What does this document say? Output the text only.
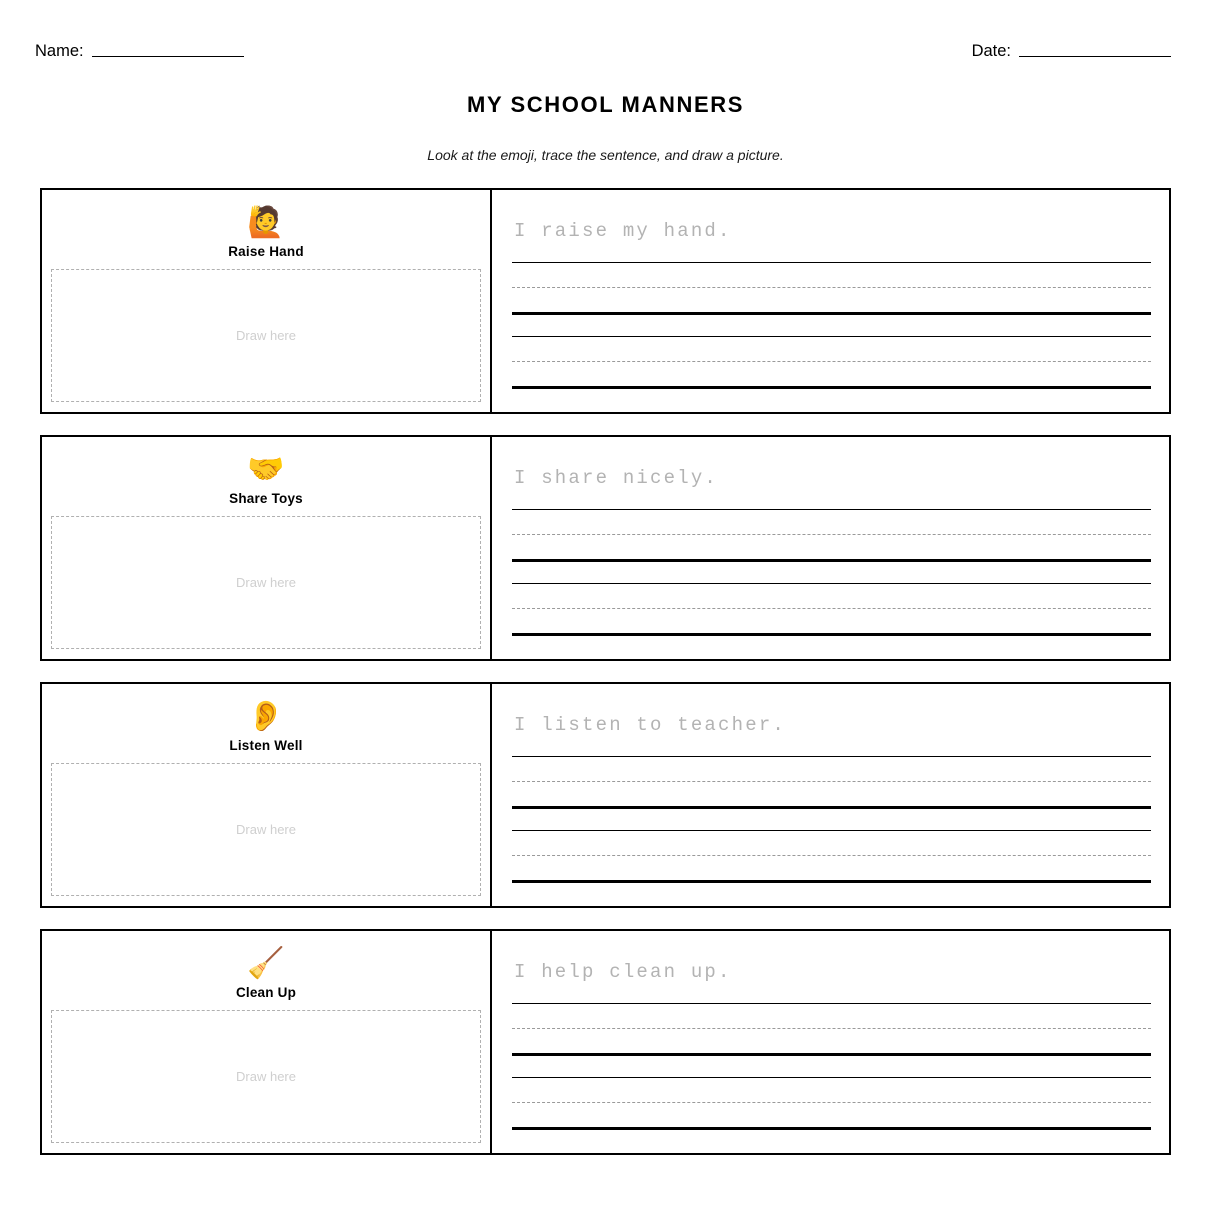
Name:	Date:
MY SCHOOL MANNERS
Look at the emoji, trace the sentence, and draw a picture.
🙋
Raise Hand
Draw here
I raise my hand.
🤝
Share Toys
Draw here
I share nicely.
👂
Listen Well
Draw here
I listen to teacher.
🧹
Clean Up
Draw here
I help clean up.
